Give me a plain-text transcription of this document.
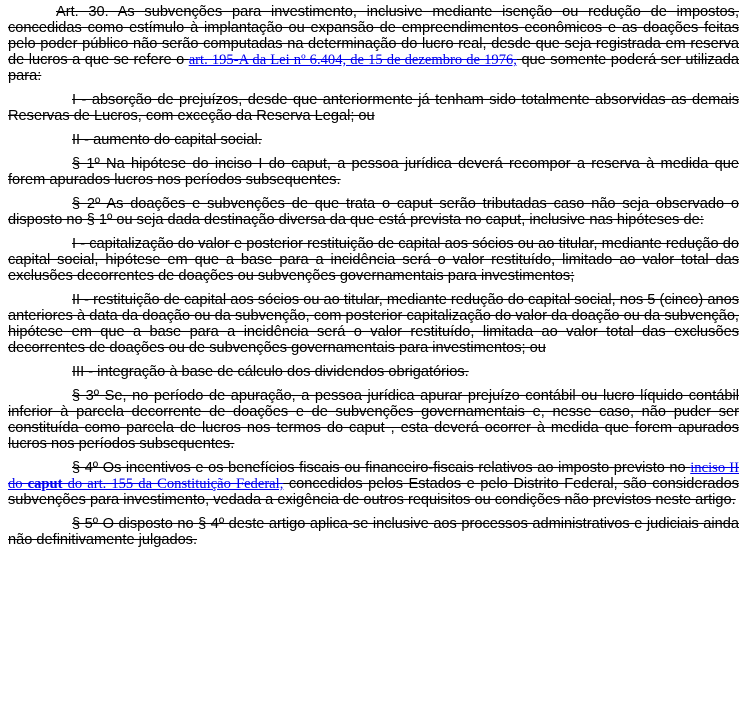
Art. 30. As subvenções para investimento, inclusive mediante isenção ou redução de impostos, concedidas como estímulo à implantação ou expansão de empreendimentos econômicos e as doações feitas pelo poder público não serão computadas na determinação do lucro real, desde que seja registrada em reserva de lucros a que se refere o art. 195-A da Lei nº 6.404, de 15 de dezembro de 1976, que somente poderá ser utilizada para:

I - absorção de prejuízos, desde que anteriormente já tenham sido totalmente absorvidas as demais Reservas de Lucros, com exceção da Reserva Legal; ou

II - aumento do capital social.

§ 1º Na hipótese do inciso I do caput, a pessoa jurídica deverá recompor a reserva à medida que forem apurados lucros nos períodos subsequentes.

§ 2º As doações e subvenções de que trata o caput serão tributadas caso não seja observado o disposto no § 1º ou seja dada destinação diversa da que está prevista no caput, inclusive nas hipóteses de:

I - capitalização do valor e posterior restituição de capital aos sócios ou ao titular, mediante redução do capital social, hipótese em que a base para a incidência será o valor restituído, limitado ao valor total das exclusões decorrentes de doações ou subvenções governamentais para investimentos;

II - restituição de capital aos sócios ou ao titular, mediante redução do capital social, nos 5 (cinco) anos anteriores à data da doação ou da subvenção, com posterior capitalização do valor da doação ou da subvenção, hipótese em que a base para a incidência será o valor restituído, limitada ao valor total das exclusões decorrentes de doações ou de subvenções governamentais para investimentos; ou

III - integração à base de cálculo dos dividendos obrigatórios.

§ 3º Se, no período de apuração, a pessoa jurídica apurar prejuízo contábil ou lucro líquido contábil inferior à parcela decorrente de doações e de subvenções governamentais e, nesse caso, não puder ser constituída como parcela de lucros nos termos do caput , esta deverá ocorrer à medida que forem apurados lucros nos períodos subsequentes.

§ 4º Os incentivos e os benefícios fiscais ou financeiro-fiscais relativos ao imposto previsto no inciso II do caput do art. 155 da Constituição Federal, concedidos pelos Estados e pelo Distrito Federal, são considerados subvenções para investimento, vedada a exigência de outros requisitos ou condições não previstos neste artigo.

§ 5º O disposto no § 4º deste artigo aplica-se inclusive aos processos administrativos e judiciais ainda não definitivamente julgados.
